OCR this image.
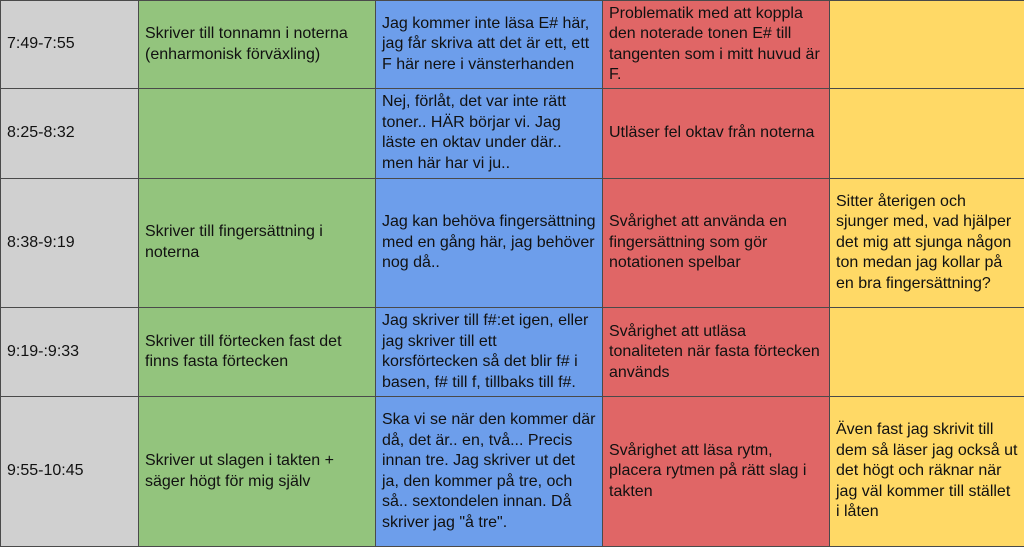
7:49-7:55	Skriver till tonnamn i noterna (enharmonisk förväxling)	Jag kommer inte läsa E# här, jag får skriva att det är ett, ett F här nere i vänsterhanden	Problematik med att koppla den noterade tonen E# till tangenten som i mitt huvud är F.	
8:25-8:32		Nej, förlåt, det var inte rätt toner.. HÄR börjar vi. Jag läste en oktav under där.. men här har vi ju..	Utläser fel oktav från noterna	
8:38-9:19	Skriver till fingersättning i noterna	Jag kan behöva fingersättning med en gång här, jag behöver nog då..	Svårighet att använda en fingersättning som gör notationen spelbar	Sitter återigen och sjunger med, vad hjälper det mig att sjunga någon ton medan jag kollar på en bra fingersättning?
9:19-:9:33	Skriver till förtecken fast det finns fasta förtecken	Jag skriver till f#:et igen, eller jag skriver till ett korsförtecken så det blir f# i basen, f# till f, tillbaks till f#.	Svårighet att utläsa tonaliteten när fasta förtecken används	
9:55-10:45	Skriver ut slagen i takten + säger högt för mig själv	Ska vi se när den kommer där då, det är.. en, två... Precis innan tre. Jag skriver ut det ja, den kommer på tre, och så.. sextondelen innan. Då skriver jag "å tre".	Svårighet att läsa rytm, placera rytmen på rätt slag i takten	Även fast jag skrivit till dem så läser jag också ut det högt och räknar när jag väl kommer till stället i låten
